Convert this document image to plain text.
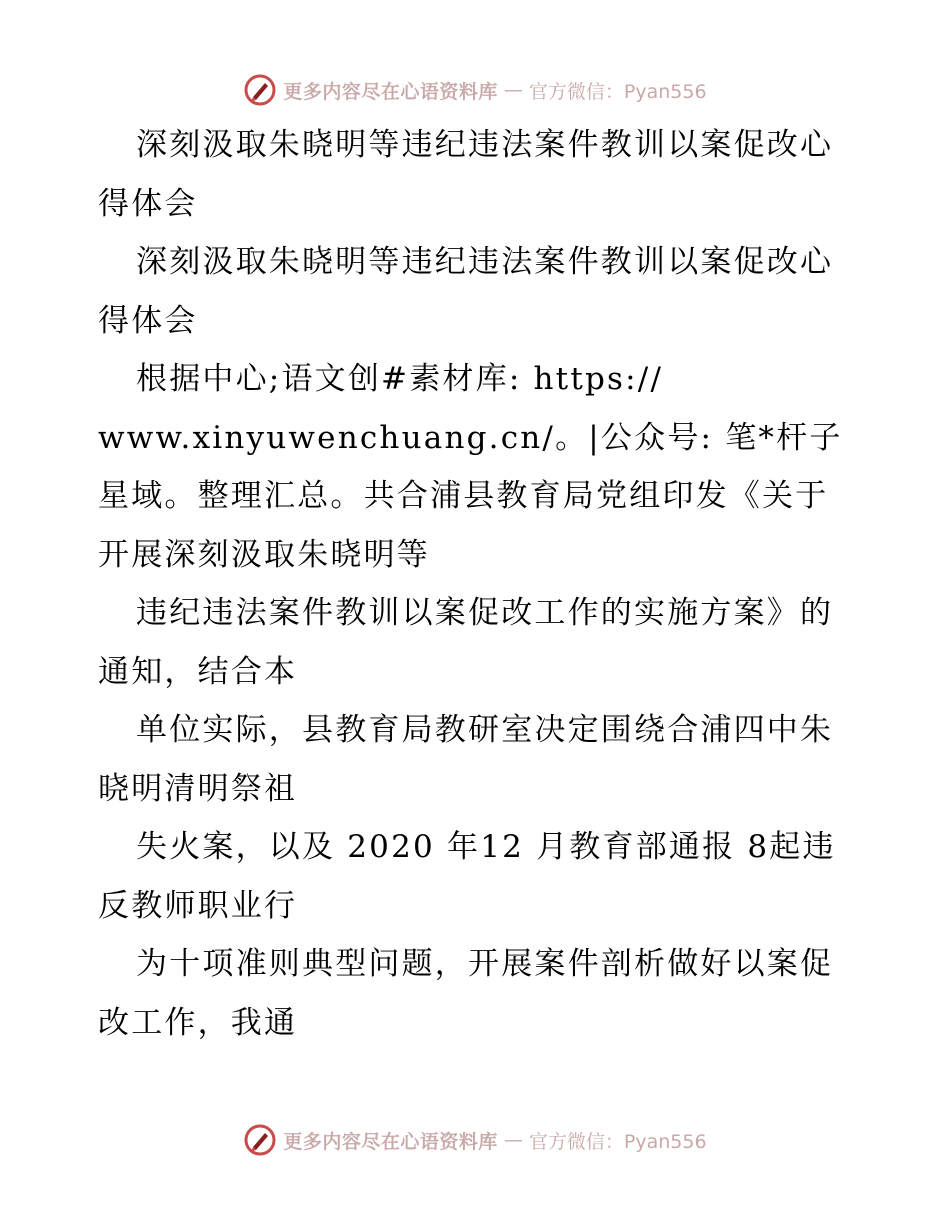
更多内容尽在心语资料库 — 官方微信：Pyan556

深刻汲取朱晓明等违纪违法案件教训以案促改心得体会

深刻汲取朱晓明等违纪违法案件教训以案促改心得体会

根据中心;语文创#素材库: https://

www.xinyuwenchuang.cn/。|公众号: 笔*杆子星域。整理汇总。共合浦县教育局党组印发《关于开展深刻汲取朱晓明等

违纪违法案件教训以案促改工作的实施方案》的通知，结合本

单位实际，县教育局教研室决定围绕合浦四中朱晓明清明祭祖

失火案，以及 2020 年12 月教育部通报 8起违反教师职业行

为十项准则典型问题，开展案件剖析做好以案促改工作，我通

更多内容尽在心语资料库 — 官方微信：Pyan556
